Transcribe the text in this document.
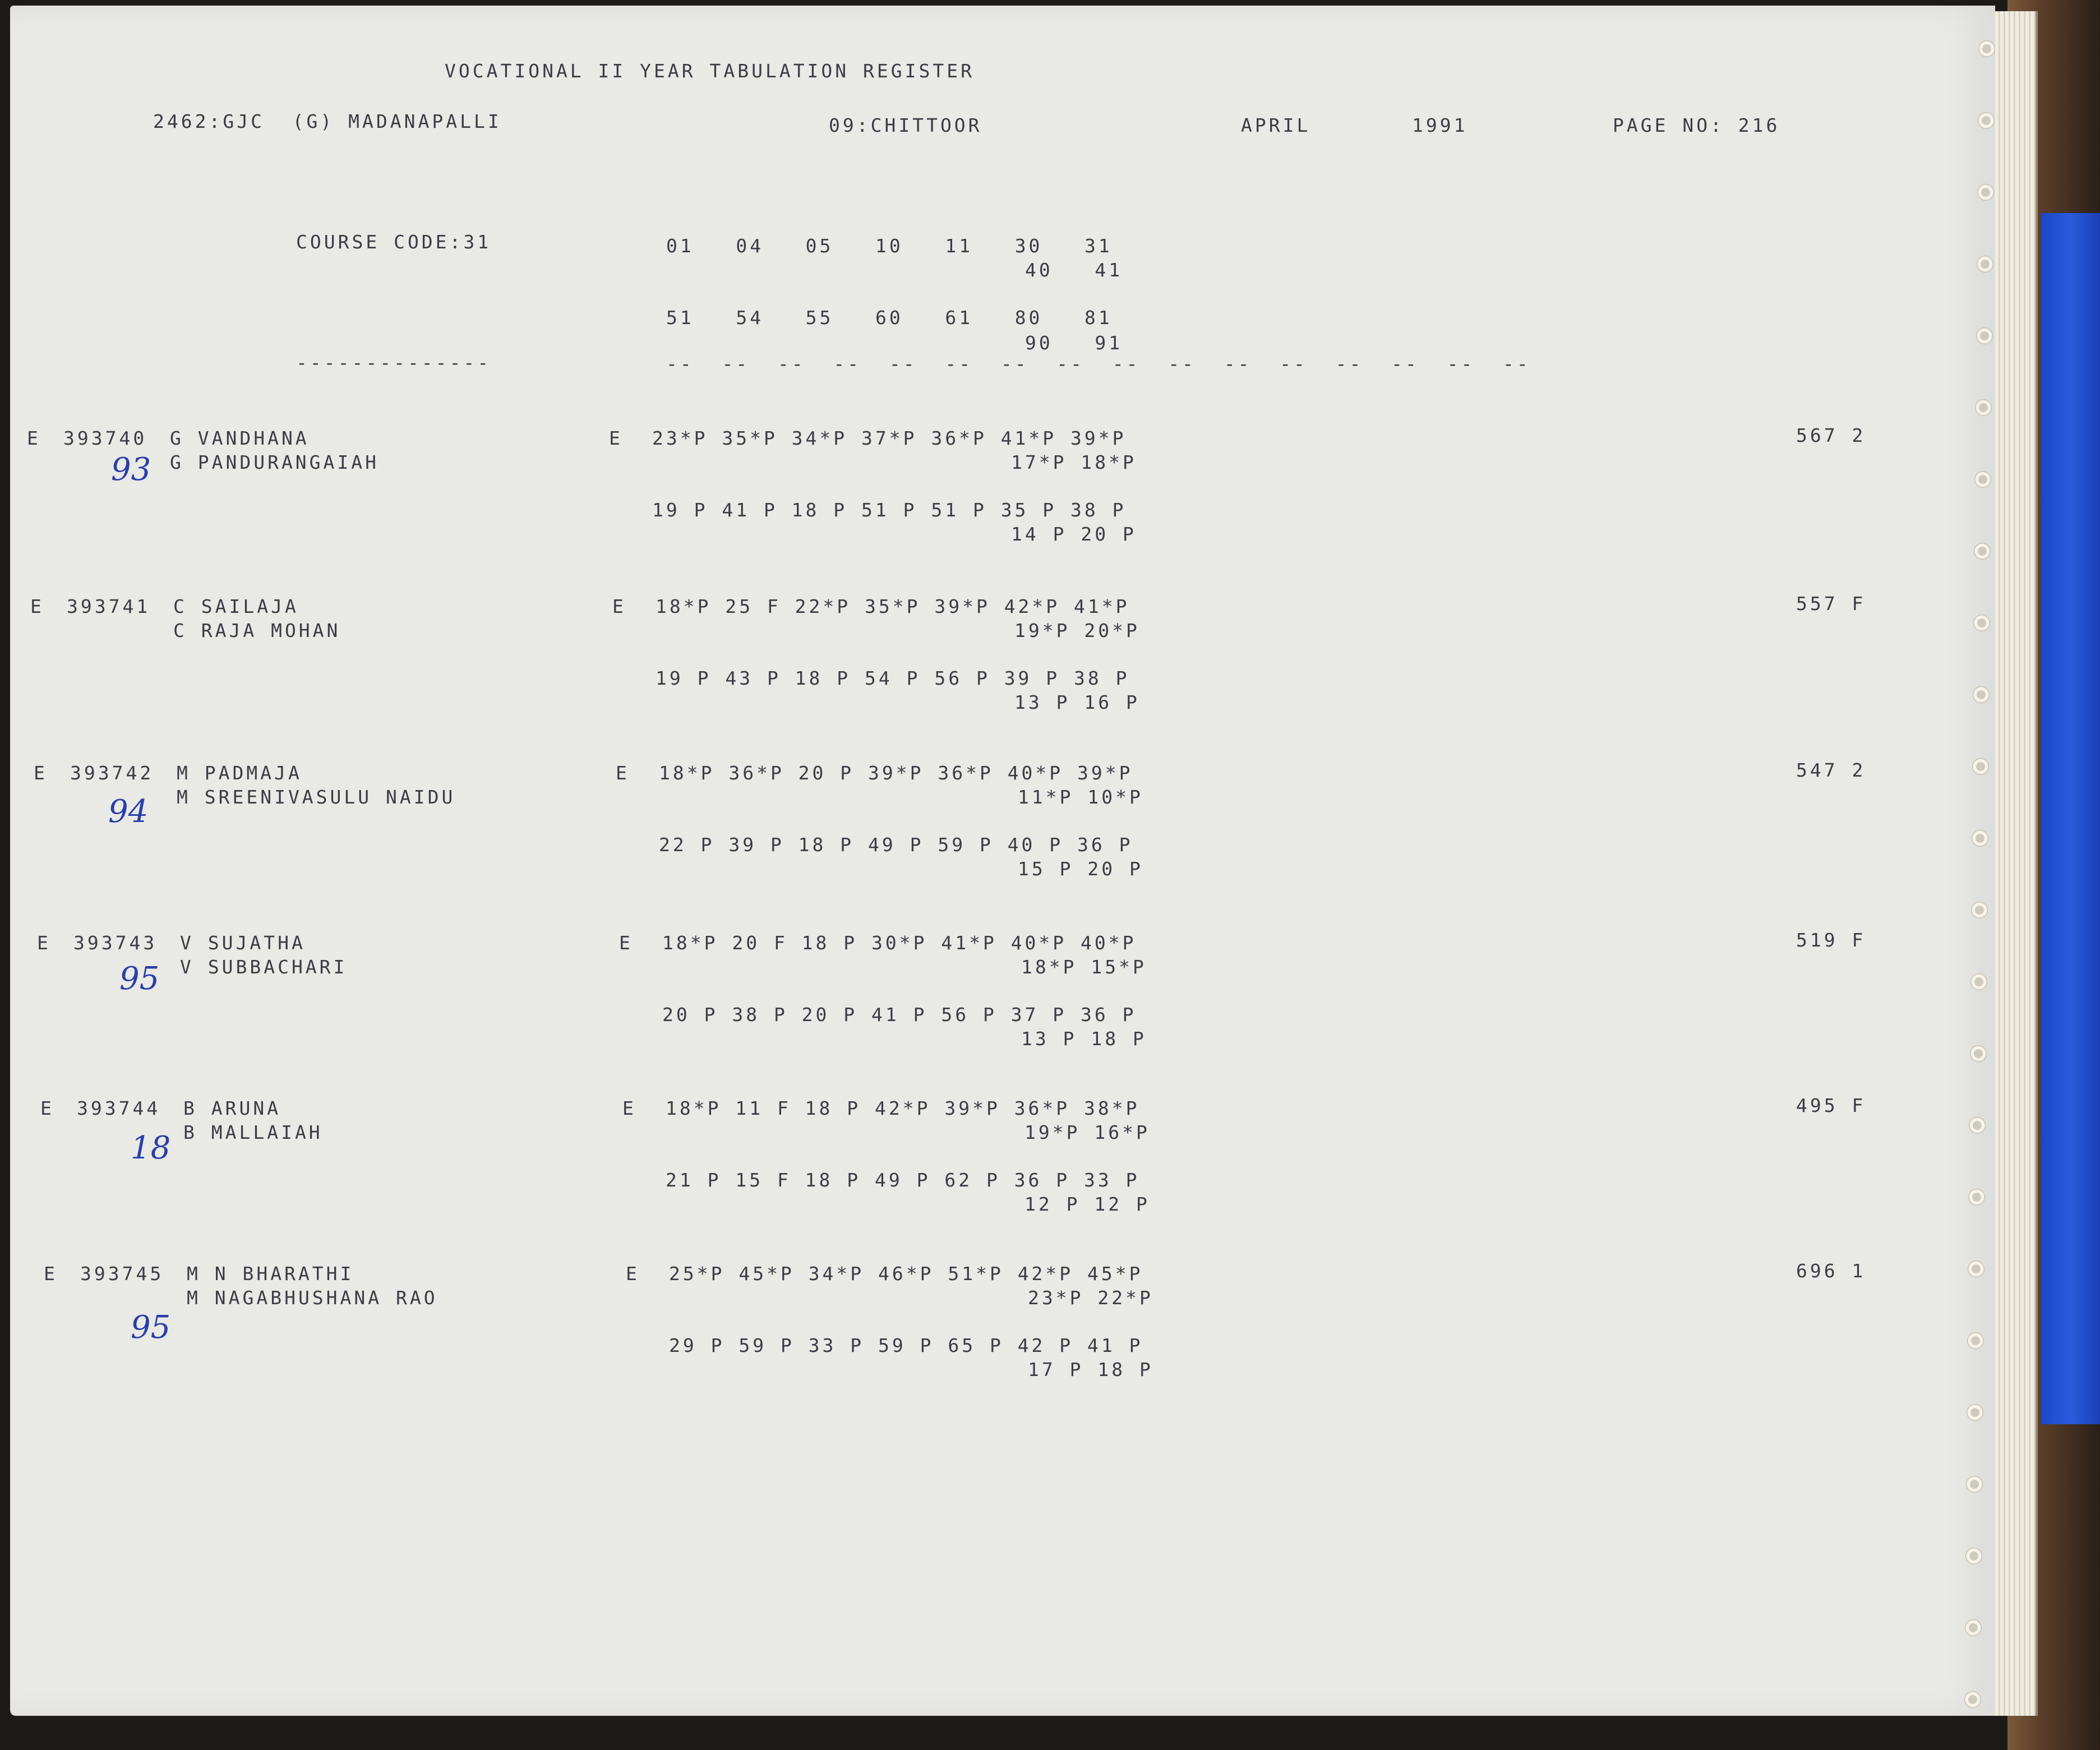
VOCATIONAL II YEAR TABULATION REGISTER
2462:GJC  (G) MADANAPALLI	09:CHITTOOR	APRIL	1991	PAGE NO: 216
COURSE CODE:31	01   04   05   10   11   30   31
40   41
51   54   55   60   61   80   81
90   91
--------------	--  --  --  --  --  --  --  --  --  --  --  --  --  --  --  --
E 393740 G VANDHANA
G PANDURANGAIAH
E 23*P 35*P 34*P 37*P 36*P 41*P 39*P
17*P 18*P
19 P 41 P 18 P 51 P 51 P 35 P 38 P
14 P 20 P
567 2
93
E 393741 C SAILAJA
C RAJA MOHAN
E 18*P 25 F 22*P 35*P 39*P 42*P 41*P
19*P 20*P
19 P 43 P 18 P 54 P 56 P 39 P 38 P
13 P 16 P
557 F
E 393742 M PADMAJA
M SREENIVASULU NAIDU
E 18*P 36*P 20 P 39*P 36*P 40*P 39*P
11*P 10*P
22 P 39 P 18 P 49 P 59 P 40 P 36 P
15 P 20 P
547 2
94
E 393743 V SUJATHA
V SUBBACHARI
E 18*P 20 F 18 P 30*P 41*P 40*P 40*P
18*P 15*P
20 P 38 P 20 P 41 P 56 P 37 P 36 P
13 P 18 P
519 F
95
E 393744 B ARUNA
B MALLAIAH
E 18*P 11 F 18 P 42*P 39*P 36*P 38*P
19*P 16*P
21 P 15 F 18 P 49 P 62 P 36 P 33 P
12 P 12 P
495 F
18
E 393745 M N BHARATHI
M NAGABHUSHANA RAO
E 25*P 45*P 34*P 46*P 51*P 42*P 45*P
23*P 22*P
29 P 59 P 33 P 59 P 65 P 42 P 41 P
17 P 18 P
696 1
95
